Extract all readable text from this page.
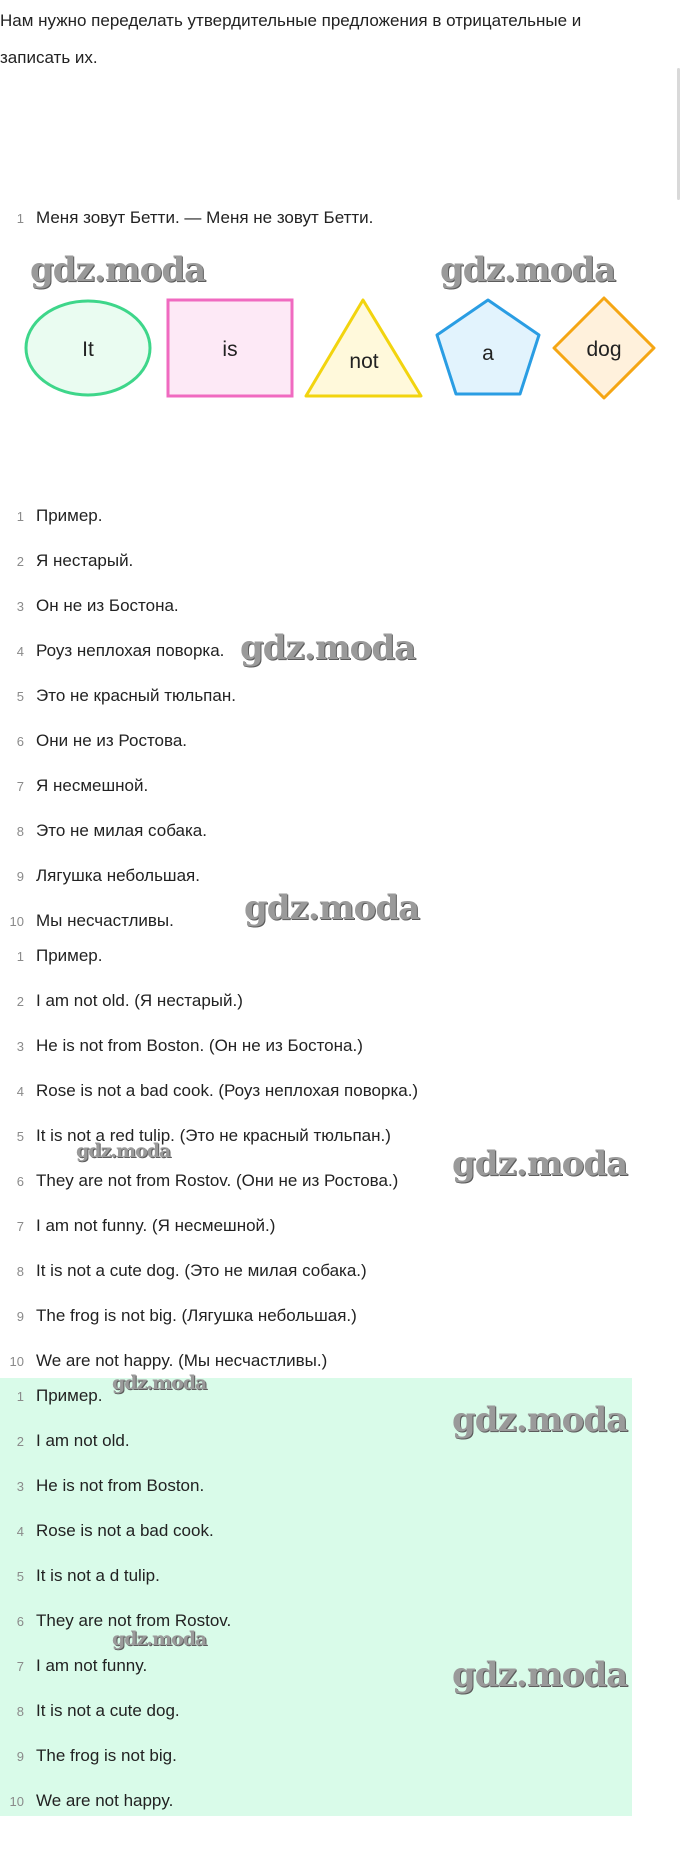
Нам нужно переделать утвердительные предложения в отрицательные и записать их.
1 Меня зовут Бетти. — Меня не зовут Бетти.
It	is
not	a	dog
1 Пример.
2 Я нестарый.
3 Он не из Бостона.
4 Роуз неплохая поворка.
5 Это не красный тюльпан.
6 Они не из Ростова.
7 Я несмешной.
8 Это не милая собака.
9 Лягушка небольшая.
10 Мы несчастливы.
1 Пример.
2 I am not old. (Я нестарый.)
3 He is not from Boston. (Он не из Бостона.)
4 Rose is not a bad cook. (Роуз неплохая поворка.)
5 It is not a red tulip. (Это не красный тюльпан.)
6 They are not from Rostov. (Они не из Ростова.)
7 I am not funny. (Я несмешной.)
8 It is not a cute dog. (Это не милая собака.)
9 The frog is not big. (Лягушка небольшая.)
10 We are not happy. (Мы несчастливы.)
1 Пример.
2 I am not old.
3 He is not from Boston.
4 Rose is not a bad cook.
5 It is not a d tulip.
6 They are not from Rostov.
7 I am not funny.
8 It is not a cute dog.
9 The frog is not big.
10 We are not happy.
gdz.moda	gdz.moda
gdz.moda
gdz.moda
gdz.moda	gdz.moda
gdz.moda
gdz.moda
gdz.moda
gdz.moda
